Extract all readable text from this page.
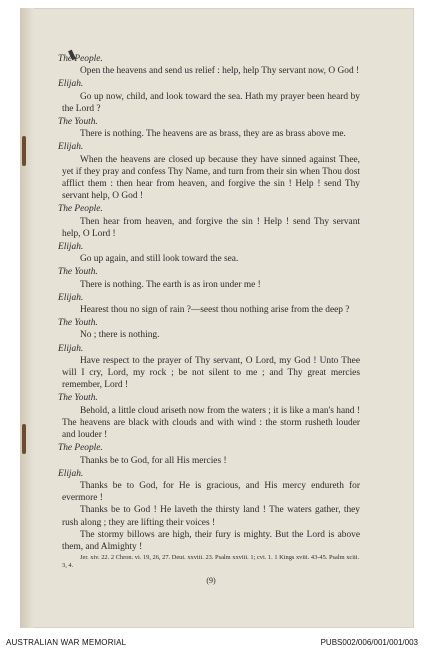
The People.

Open the heavens and send us relief : help, help Thy servant now, O God !

Elijah.

Go up now, child, and look toward the sea. Hath my prayer been heard by the Lord ?

The Youth.

There is nothing. The heavens are as brass, they are as brass above me.

Elijah.

When the heavens are closed up because they have sinned against Thee, yet if they pray and confess Thy Name, and turn from their sin when Thou dost afflict them : then hear from heaven, and forgive the sin ! Help ! send Thy servant help, O God !

The People.

Then hear from heaven, and forgive the sin ! Help ! send Thy servant help, O Lord !

Elijah.

Go up again, and still look toward the sea.

The Youth.

There is nothing. The earth is as iron under me !

Elijah.

Hearest thou no sign of rain ?—seest thou nothing arise from the deep ?

The Youth.

No ; there is nothing.

Elijah.

Have respect to the prayer of Thy servant, O Lord, my God ! Unto Thee will I cry, Lord, my rock ; be not silent to me ; and Thy great mercies remember, Lord !

The Youth.

Behold, a little cloud ariseth now from the waters ; it is like a man's hand ! The heavens are black with clouds and with wind : the storm rusheth louder and louder !

The People.

Thanks be to God, for all His mercies !

Elijah.

Thanks be to God, for He is gracious, and His mercy endureth for evermore !

Thanks be to God ! He laveth the thirsty land ! The waters gather, they rush along ; they are lifting their voices !

The stormy billows are high, their fury is mighty. But the Lord is above them, and Almighty !

Jer. xiv. 22. 2 Chron. vi. 19, 26, 27. Deut. xxviii. 23. Psalm xxviii. 1; cvi. 1. 1 Kings xviii. 43-45. Psalm xciii. 3, 4.
(9)
AUSTRALIAN WAR MEMORIAL	PUBS002/006/001/001/003
